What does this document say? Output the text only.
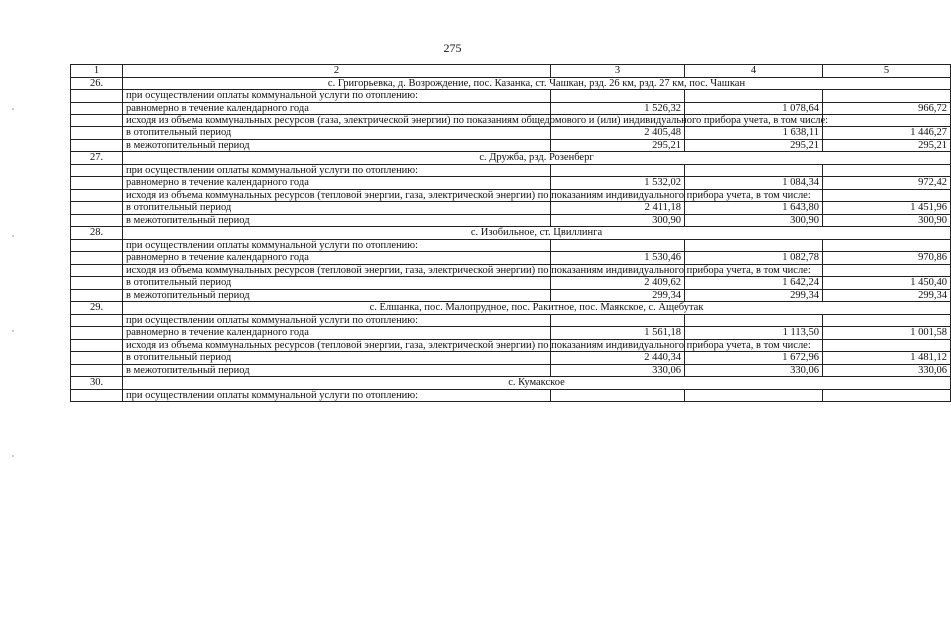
275
1	2	3	4	5
26.	с. Григорьевка, д. Возрождение, пос. Казанка, ст. Чашкан, рзд. 26 км, рзд. 27 км, пос. Чашкан			
	при осуществлении оплаты коммунальной услуги по отоплению:			
	равномерно в течение календарного года	1 526,32	1 078,64	966,72
	исходя из объема коммунальных ресурсов (газа, электрической энергии) по показаниям общедомового и (или) индивидуального прибора учета, в том числе:			
	в отопительный период	2 405,48	1 638,11	1 446,27
	в межотопительный период	295,21	295,21	295,21
27.	с. Дружба, рзд. Розенберг			
	при осуществлении оплаты коммунальной услуги по отоплению:			
	равномерно в течение календарного года	1 532,02	1 084,34	972,42
	исходя из объема коммунальных ресурсов (тепловой энергии, газа, электрической энергии) по показаниям индивидуального прибора учета, в том числе:			
	в отопительный период	2 411,18	1 643,80	1 451,96
	в межотопительный период	300,90	300,90	300,90
28.	с. Изобильное, ст. Цвиллинга			
	при осуществлении оплаты коммунальной услуги по отоплению:			
	равномерно в течение календарного года	1 530,46	1 082,78	970,86
	исходя из объема коммунальных ресурсов (тепловой энергии, газа, электрической энергии) по показаниям индивидуального прибора учета, в том числе:			
	в отопительный период	2 409,62	1 642,24	1 450,40
	в межотопительный период	299,34	299,34	299,34
29.	с. Елшанка, пос. Малопрудное, пос. Ракитное, пос. Маякское, с. Ащебутак			
	при осуществлении оплаты коммунальной услуги по отоплению:			
	равномерно в течение календарного года	1 561,18	1 113,50	1 001,58
	исходя из объема коммунальных ресурсов (тепловой энергии, газа, электрической энергии) по показаниям индивидуального прибора учета, в том числе:			
	в отопительный период	2 440,34	1 672,96	1 481,12
	в межотопительный период	330,06	330,06	330,06
30.	с. Кумакское			
	при осуществлении оплаты коммунальной услуги по отоплению:			
